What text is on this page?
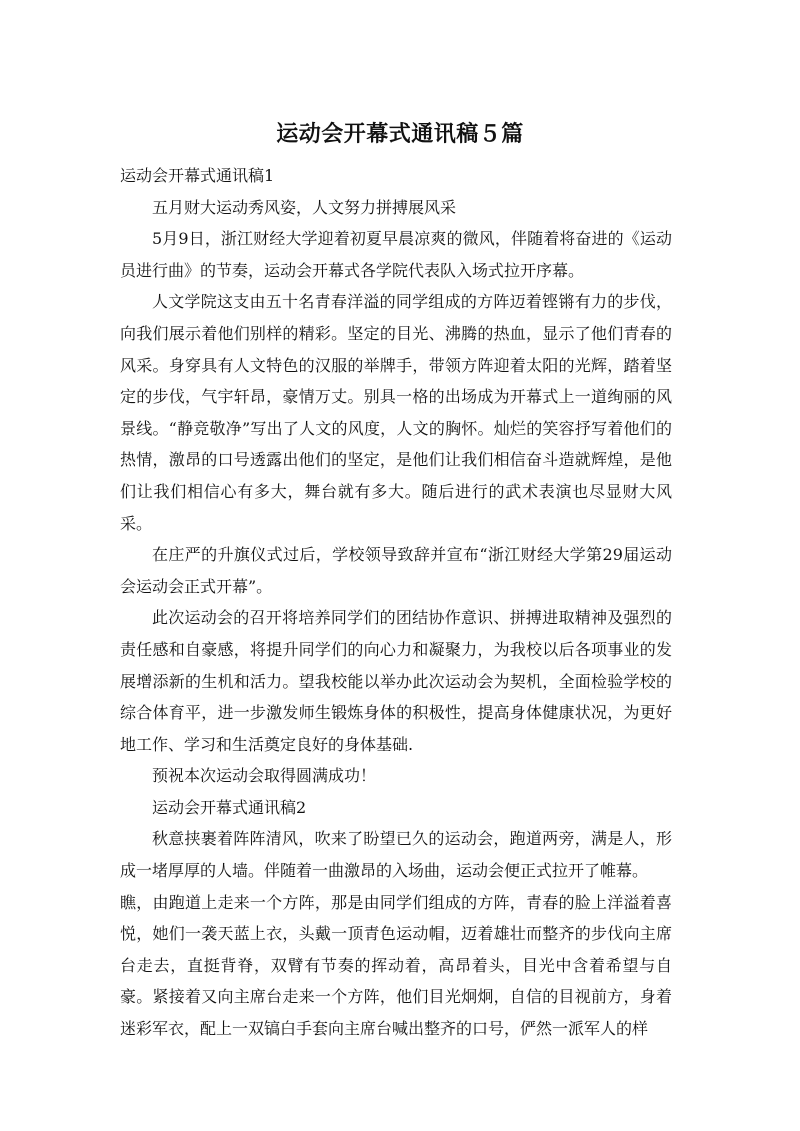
运动会开幕式通讯稿５篇

运动会开幕式通讯稿1

五月财大运动秀风姿，人文努力拼搏展风采

5月9日，浙江财经大学迎着初夏早晨凉爽的微风，伴随着将奋进的《运动员进行曲》的节奏，运动会开幕式各学院代表队入场式拉开序幕。

人文学院这支由五十名青春洋溢的同学组成的方阵迈着铿锵有力的步伐，向我们展示着他们别样的精彩。坚定的目光、沸腾的热血，显示了他们青春的风采。身穿具有人文特色的汉服的举牌手，带领方阵迎着太阳的光辉，踏着坚定的步伐，气宇轩昂，豪情万丈。别具一格的出场成为开幕式上一道绚丽的风景线。“静竞敬净”写出了人文的风度，人文的胸怀。灿烂的笑容抒写着他们的热情，激昂的口号透露出他们的坚定，是他们让我们相信奋斗造就辉煌，是他们让我们相信心有多大，舞台就有多大。随后进行的武术表演也尽显财大风采。

在庄严的升旗仪式过后，学校领导致辞并宣布“浙江财经大学第29届运动会运动会正式开幕”。

此次运动会的召开将培养同学们的团结协作意识、拼搏进取精神及强烈的责任感和自豪感，将提升同学们的向心力和凝聚力，为我校以后各项事业的发展增添新的生机和活力。望我校能以举办此次运动会为契机，全面检验学校的综合体育平，进一步激发师生锻炼身体的积极性，提高身体健康状况，为更好地工作、学习和生活奠定良好的身体基础.

预祝本次运动会取得圆满成功！

运动会开幕式通讯稿2

秋意挟裹着阵阵清风，吹来了盼望已久的运动会，跑道两旁，满是人，形成一堵厚厚的人墙。伴随着一曲激昂的入场曲，运动会便正式拉开了帷幕。

瞧，由跑道上走来一个方阵，那是由同学们组成的方阵，青春的脸上洋溢着喜悦，她们一袭天蓝上衣，头戴一顶青色运动帽，迈着雄壮而整齐的步伐向主席台走去，直挺背脊，双臂有节奏的挥动着，高昂着头，目光中含着希望与自豪。紧接着又向主席台走来一个方阵，他们目光炯炯，自信的目视前方，身着迷彩军衣，配上一双镐白手套向主席台喊出整齐的口号，俨然一派军人的样
